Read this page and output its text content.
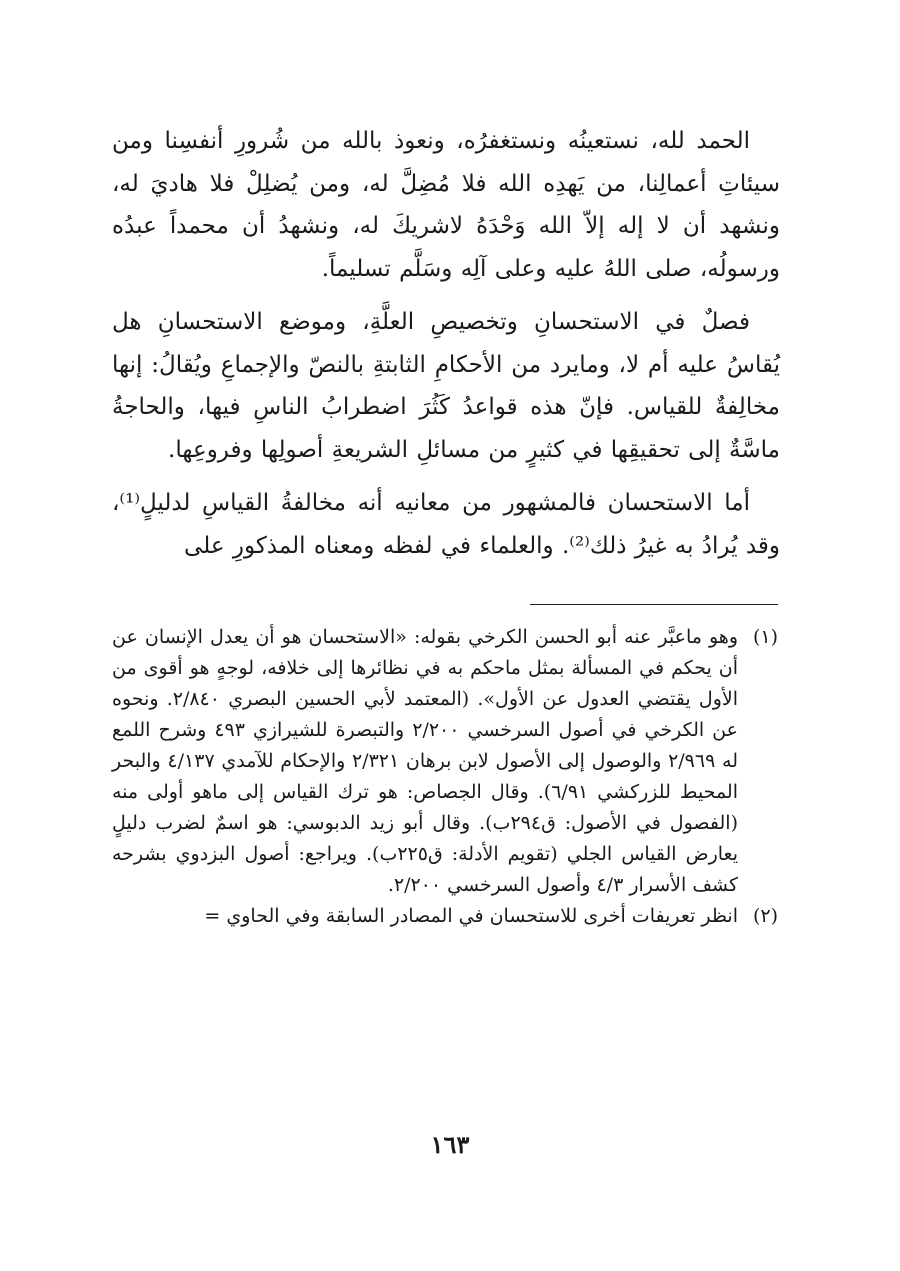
الحمد لله، نستعينُه ونستغفرُه، ونعوذ بالله من شُرورِ أنفسِنا ومن سيئاتِ أعمالِنا، من يَهدِه الله فلا مُضِلَّ له، ومن يُضلِلْ فلا هاديَ له، ونشهد أن لا إله إلاّ الله وَحْدَهُ لاشريكَ له، ونشهدُ أن محمداً عبدُه ورسولُه، صلى اللهُ عليه وعلى آلِه وسَلَّم تسليماً.

فصلٌ في الاستحسانِ وتخصيصِ العلَّةِ، وموضع الاستحسانِ هل يُقاسُ عليه أم لا، ومايرد من الأحكامِ الثابتةِ بالنصّ والإجماعِ ويُقالُ: إنها مخالِفةٌ للقياس. فإنّ هذه قواعدُ كَثُرَ اضطرابُ الناسِ فيها، والحاجةُ ماسَّةٌ إلى تحقيقِها في كثيرٍ من مسائلِ الشريعةِ أصولِها وفروعِها.

أما الاستحسان فالمشهور من معانيه أنه مخالفةُ القياسِ لدليلٍ⁽¹⁾، وقد يُرادُ به غيرُ ذلك⁽²⁾. والعلماء في لفظه ومعناه المذكورِ على

(١)

وهو ماعبَّر عنه أبو الحسن الكرخي بقوله: «الاستحسان هو أن يعدل الإنسان عن أن يحكم في المسألة بمثل ماحكم به في نظائرها إلى خلافه، لوجهٍ هو أقوى من الأول يقتضي العدول عن الأول». (المعتمد لأبي الحسين البصري ٢/٨٤٠. ونحوه عن الكرخي في أصول السرخسي ٢/٢٠٠ والتبصرة للشيرازي ٤٩٣ وشرح اللمع له ٢/٩٦٩ والوصول إلى الأصول لابن برهان ٢/٣٢١ والإحكام للآمدي ٤/١٣٧ والبحر المحيط للزركشي ٦/٩١). وقال الجصاص: هو ترك القياس إلى ماهو أولى منه (الفصول في الأصول: ق٢٩٤ب). وقال أبو زيد الدبوسي: هو اسمٌ لضرب دليلٍ يعارض القياس الجلي (تقويم الأدلة: ق٢٢٥ب). ويراجع: أصول البزدوي بشرحه كشف الأسرار ٤/٣ وأصول السرخسي ٢/٢٠٠.

(٢)

انظر تعريفات أخرى للاستحسان في المصادر السابقة وفي الحاوي =

١٦٣
